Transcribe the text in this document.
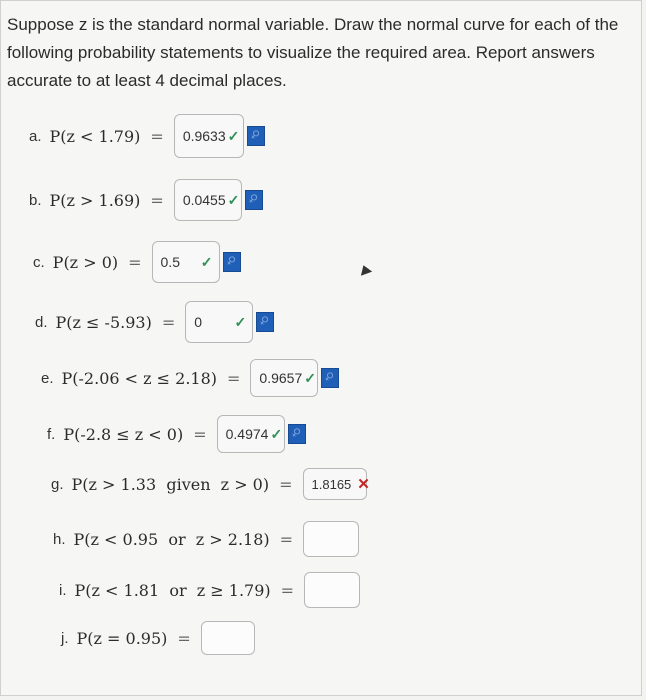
Suppose z is the standard normal variable. Draw the normal curve for each of the following probability statements to visualize the required area. Report answers accurate to at least 4 decimal places.
a. P(z < 1.79) = 0.9633 ✓
♀
b. P(z > 1.69) = 0.0455 ✓
♀
c. P(z > 0) = 0.5 ✓
♀
d. P(z ≤ -5.93) = 0 ✓
♀
e. P(-2.06 < z ≤ 2.18) = 0.9657 ✓
♀
f. P(-2.8 ≤ z < 0) = 0.4974 ✓
♀
g. P(z > 1.33  given  z > 0) = 1.8165 ✕
h. P(z < 0.95  or  z > 2.18) =
i. P(z < 1.81  or  z ≥ 1.79) =
j. P(z = 0.95) =
